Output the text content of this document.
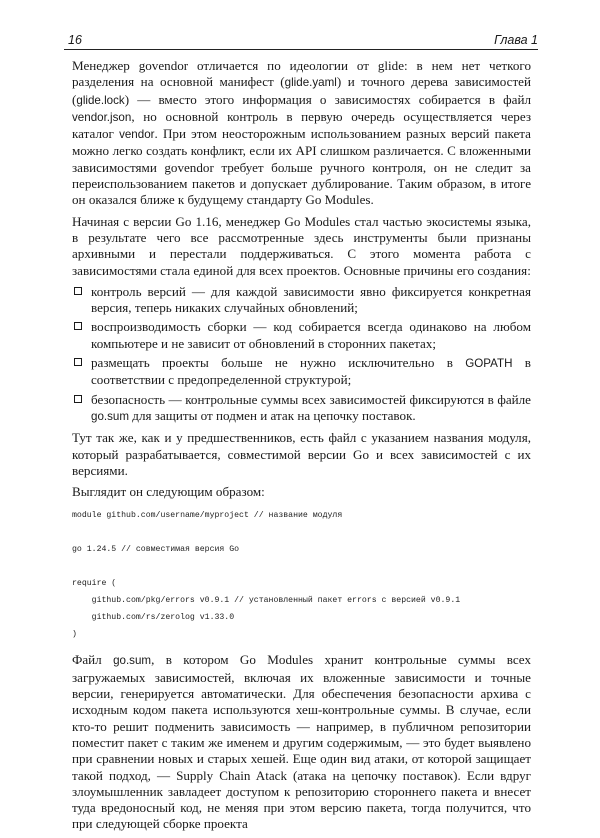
16	Глава 1

Менеджер govendor отличается по идеологии от glide: в нем нет четкого разделения на основной манифест (glide.yaml) и точного дерева зависимостей (glide.lock) — вместо этого информация о зависимостях собирается в файл vendor.json, но основной контроль в первую очередь осуществляется через каталог vendor. При этом неосторожным использованием разных версий пакета можно легко создать конфликт, если их API слишком различается. С вложенными зависимостями govendor требует больше ручного контроля, он не следит за переиспользованием пакетов и допускает дублирование. Таким образом, в итоге он оказался ближе к будущему стандарту Go Modules.

Начиная с версии Go 1.16, менеджер Go Modules стал частью экосистемы языка, в результате чего все рассмотренные здесь инструменты были признаны архивными и перестали поддерживаться. С этого момента работа с зависимостями стала единой для всех проектов. Основные причины его создания:

контроль версий — для каждой зависимости явно фиксируется конкретная версия, теперь никаких случайных обновлений;
воспроизводимость сборки — код собирается всегда одинаково на любом компьютере и не зависит от обновлений в сторонних пакетах;
размещать проекты больше не нужно исключительно в GOPATH в соответствии с предопределенной структурой;
безопасность — контрольные суммы всех зависимостей фиксируются в файле go.sum для защиты от подмен и атак на цепочку поставок.

Тут так же, как и у предшественников, есть файл с указанием названия модуля, который разрабатывается, совместимой версии Go и всех зависимостей с их версиями.

Выглядит он следующим образом:

module github.com/username/myproject // название модуля

go 1.24.5 // совместимая версия Go

require (
github.com/pkg/errors v0.9.1 // установленный пакет errors с версией v0.9.1
github.com/rs/zerolog v1.33.0
)

Файл go.sum, в котором Go Modules хранит контрольные суммы всех загружаемых зависимостей, включая их вложенные зависимости и точные версии, генерируется автоматически. Для обеспечения безопасности архива с исходным кодом пакета используются хеш-контрольные суммы. В случае, если кто-то решит подменить зависимость — например, в публичном репозитории поместит пакет с таким же именем и другим содержимым, — это будет выявлено при сравнении новых и старых хешей. Еще один вид атаки, от которой защищает такой подход, — Supply Chain Atack (атака на цепочку поставок). Если вдруг злоумышленник завладеет доступом к репозиторию стороннего пакета и внесет туда вредоносный код, не меняя при этом версию пакета, тогда получится, что при следующей сборке проекта
